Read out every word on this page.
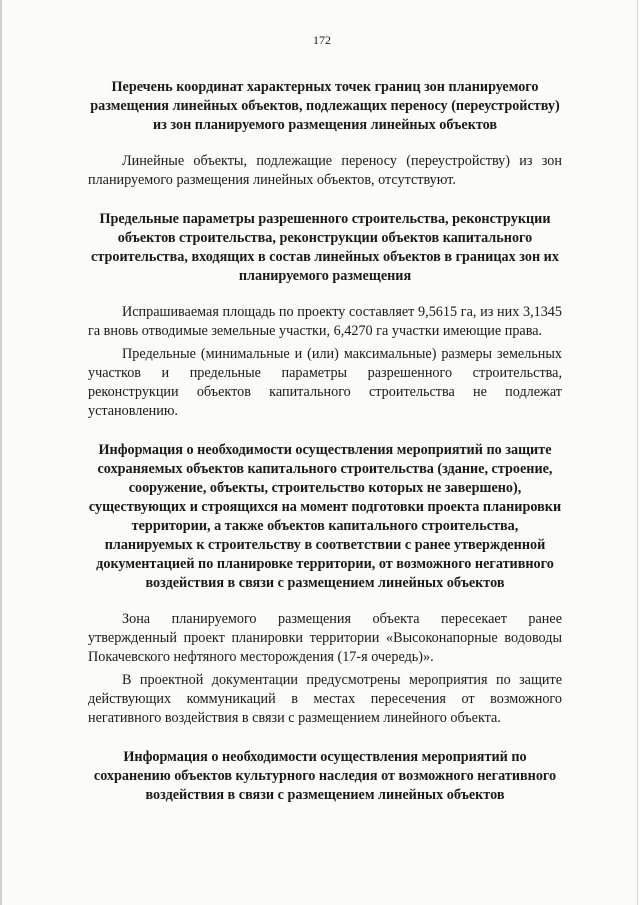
172

Перечень координат характерных точек границ зон планируемого размещения линейных объектов, подлежащих переносу (переустройству) из зон планируемого размещения линейных объектов

Линейные объекты, подлежащие переносу (переустройству) из зон планируемого размещения линейных объектов, отсутствуют.

Предельные параметры разрешенного строительства, реконструкции объектов строительства, реконструкции объектов капитального строительства, входящих в состав линейных объектов в границах зон их планируемого размещения

Испрашиваемая площадь по проекту составляет 9,5615 га, из них 3,1345 га вновь отводимые земельные участки, 6,4270 га участки имеющие права.

Предельные (минимальные и (или) максимальные) размеры земельных участков и предельные параметры разрешенного строительства, реконструкции объектов капитального строительства не подлежат установлению.

Информация о необходимости осуществления мероприятий по защите сохраняемых объектов капитального строительства (здание, строение, сооружение, объекты, строительство которых не завершено), существующих и строящихся на момент подготовки проекта планировки территории, а также объектов капитального строительства, планируемых к строительству в соответствии с ранее утвержденной документацией по планировке территории, от возможного негативного воздействия в связи с размещением линейных объектов

Зона планируемого размещения объекта пересекает ранее утвержденный проект планировки территории «Высоконапорные водоводы Покачевского нефтяного месторождения (17-я очередь)».

В проектной документации предусмотрены мероприятия по защите действующих коммуникаций в местах пересечения от возможного негативного воздействия в связи с размещением линейного объекта.

Информация о необходимости осуществления мероприятий по сохранению объектов культурного наследия от возможного негативного воздействия в связи с размещением линейных объектов
